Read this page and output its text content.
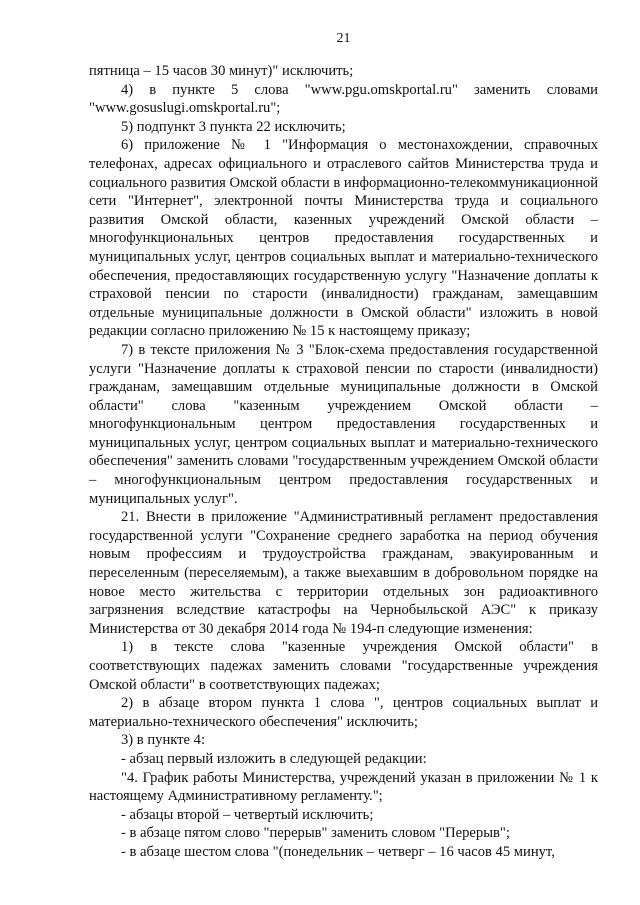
21

пятница – 15 часов 30 минут)" исключить;

4) в пункте 5 слова "www.pgu.omskportal.ru" заменить словами "www.gosuslugi.omskportal.ru";

5) подпункт 3 пункта 22 исключить;

6) приложение № 1 "Информация о местонахождении, справочных телефонах, адресах официального и отраслевого сайтов Министерства труда и социального развития Омской области в информационно-телекоммуникационной сети "Интернет", электронной почты Министерства труда и социального развития Омской области, казенных учреждений Омской области – многофункциональных центров предоставления государственных и муниципальных услуг, центров социальных выплат и материально-технического обеспечения, предоставляющих государственную услугу "Назначение доплаты к страховой пенсии по старости (инвалидности) гражданам, замещавшим отдельные муниципальные должности в Омской области" изложить в новой редакции согласно приложению № 15 к настоящему приказу;

7) в тексте приложения № 3 "Блок-схема предоставления государственной услуги "Назначение доплаты к страховой пенсии по старости (инвалидности) гражданам, замещавшим отдельные муниципальные должности в Омской области" слова "казенным учреждением Омской области – многофункциональным центром предоставления государственных и муниципальных услуг, центром социальных выплат и материально-технического обеспечения" заменить словами "государственным учреждением Омской области – многофункциональным центром предоставления государственных и муниципальных услуг".

21. Внести в приложение "Административный регламент предоставления государственной услуги "Сохранение среднего заработка на период обучения новым профессиям и трудоустройства гражданам, эвакуированным и переселенным (переселяемым), а также выехавшим в добровольном порядке на новое место жительства с территории отдельных зон радиоактивного загрязнения вследствие катастрофы на Чернобыльской АЭС" к приказу Министерства от 30 декабря 2014 года № 194-п следующие изменения:

1) в тексте слова "казенные учреждения Омской области" в соответствующих падежах заменить словами "государственные учреждения Омской области" в соответствующих падежах;

2) в абзаце втором пункта 1 слова ", центров социальных выплат и материально-технического обеспечения" исключить;

3) в пункте 4:

- абзац первый изложить в следующей редакции:

"4. График работы Министерства, учреждений указан в приложении № 1 к настоящему Административному регламенту.";

- абзацы второй – четвертый исключить;

- в абзаце пятом слово "перерыв" заменить словом "Перерыв";

- в абзаце шестом слова "(понедельник – четверг – 16 часов 45 минут,
